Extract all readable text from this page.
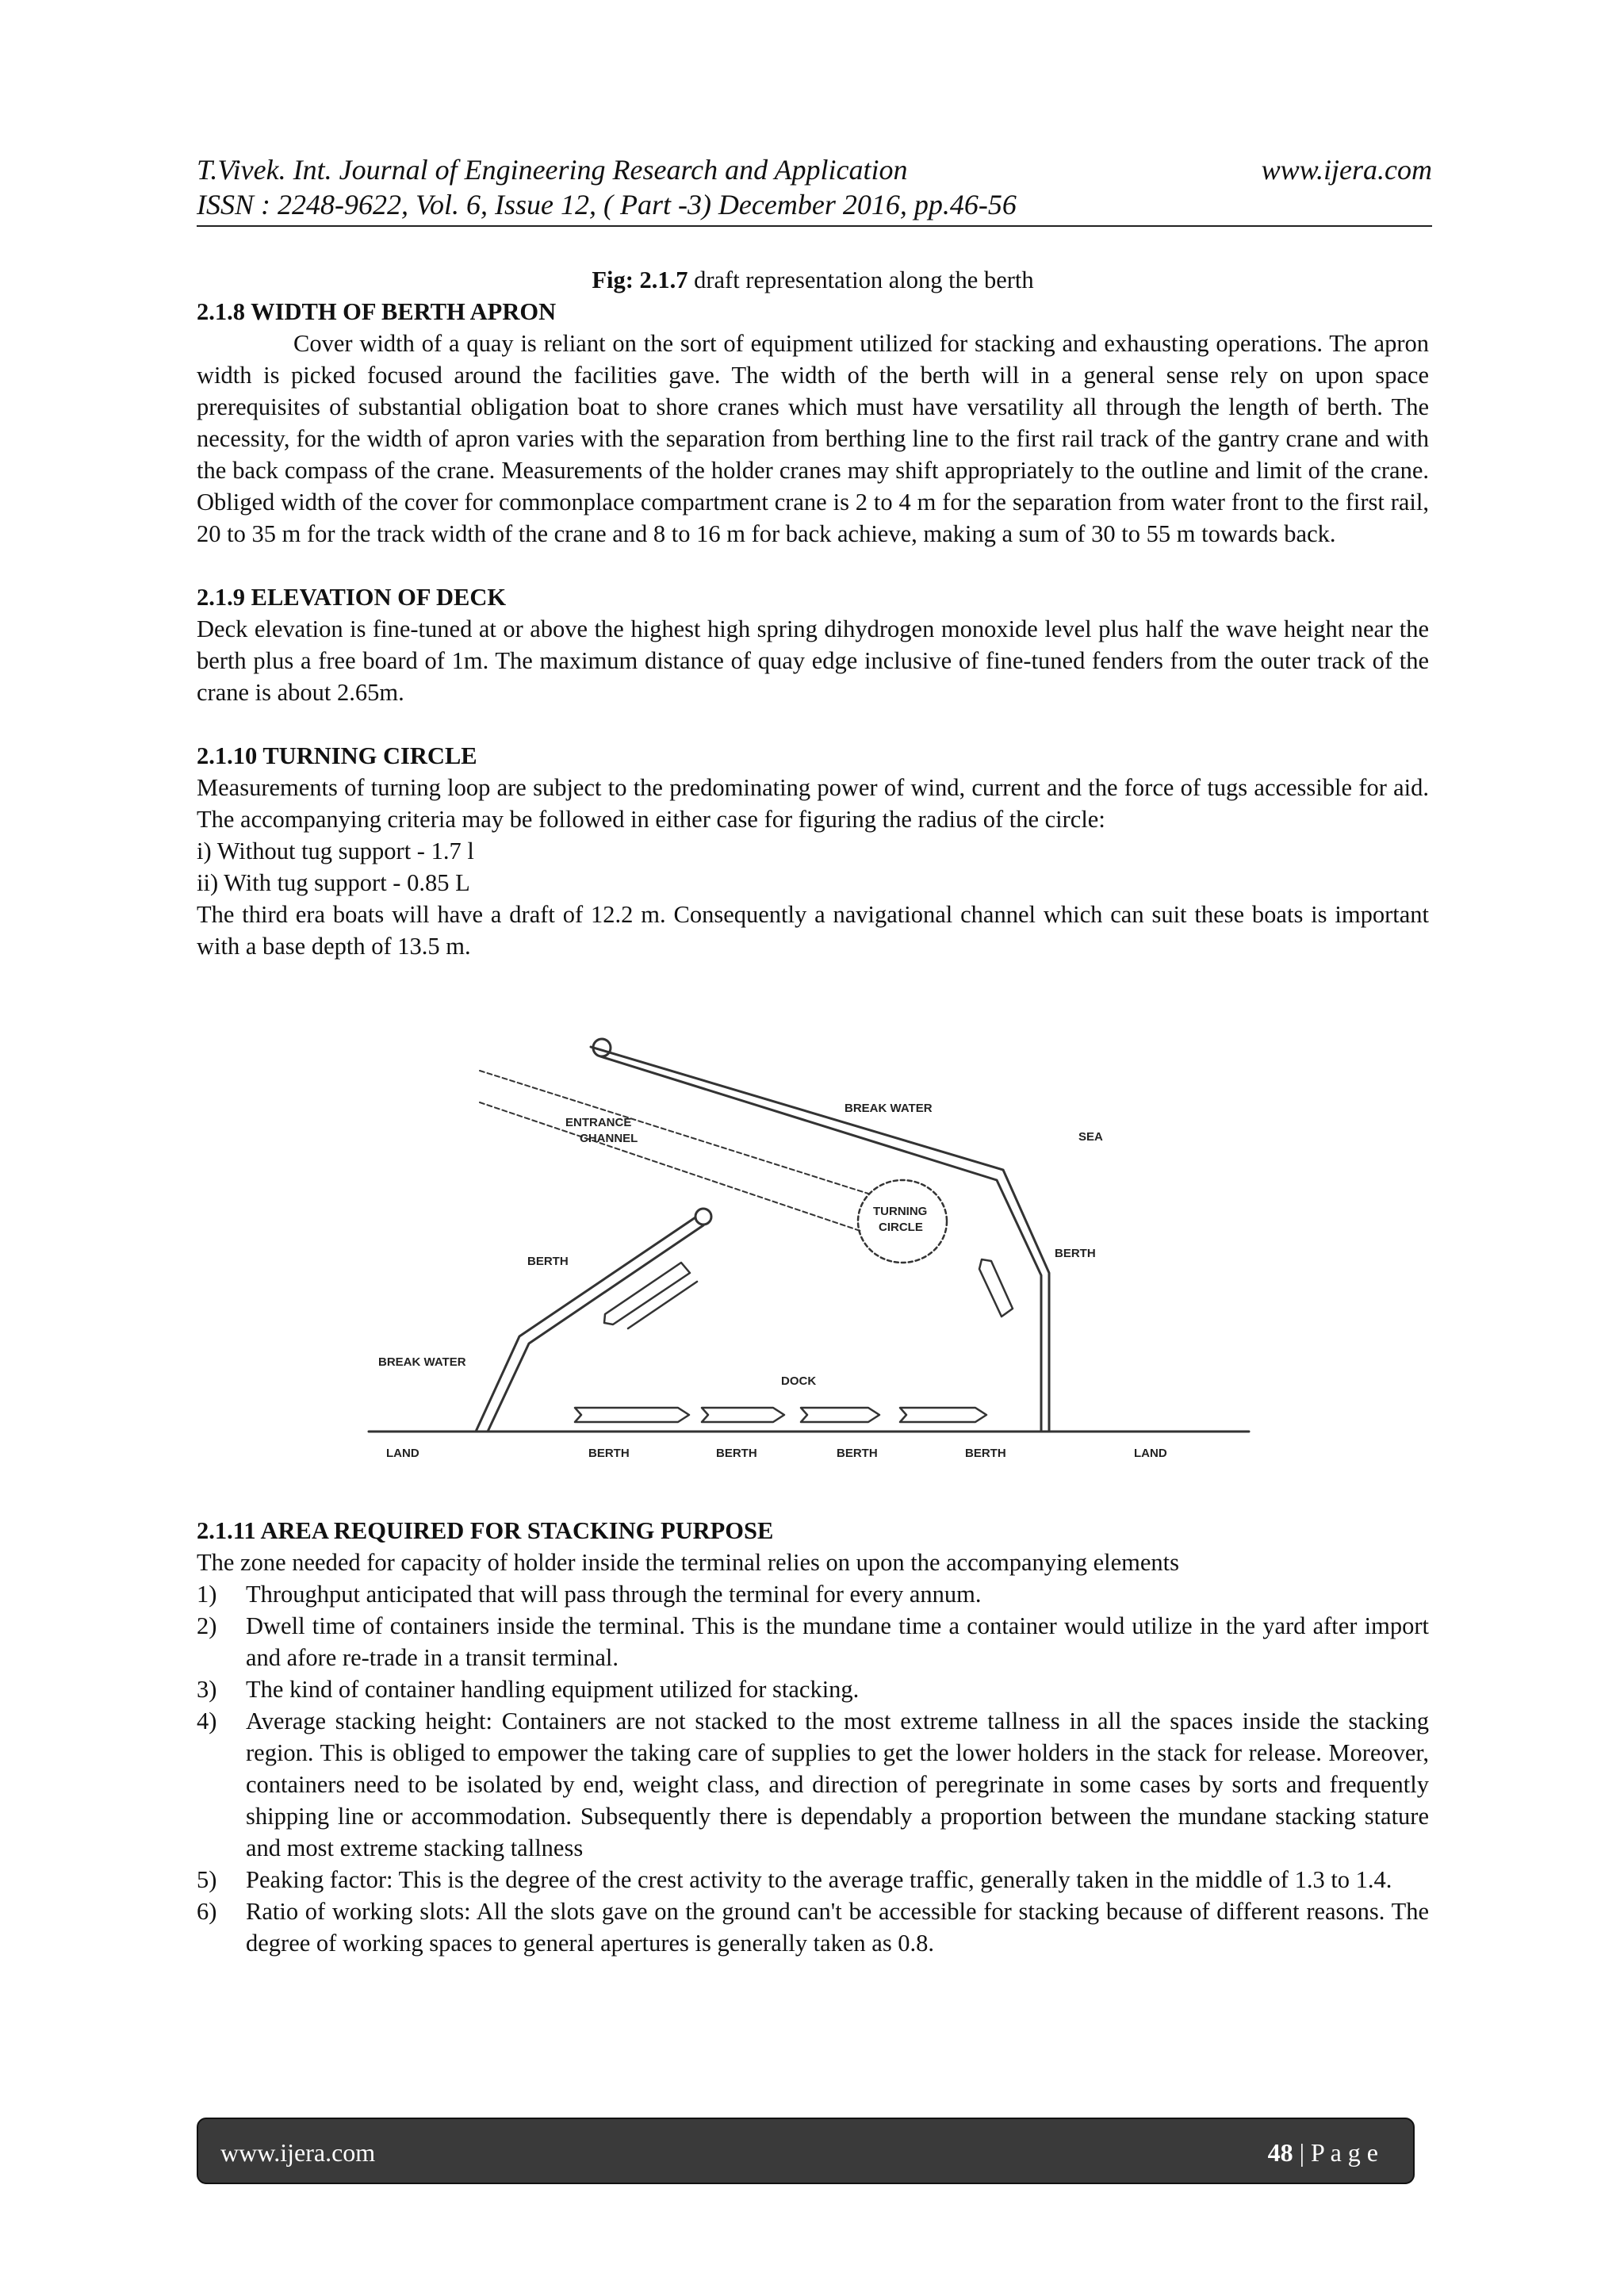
T.Vivek. Int. Journal of Engineering Research and Application	www.ijera.com
ISSN : 2248-9622, Vol. 6, Issue 12, ( Part -3) December 2016, pp.46-56

Fig: 2.1.7 draft representation along the berth

2.1.8 WIDTH OF BERTH APRON

Cover width of a quay is reliant on the sort of equipment utilized for stacking and exhausting operations. The apron width is picked focused around the facilities gave. The width of the berth will in a general sense rely on upon space prerequisites of substantial obligation boat to shore cranes which must have versatility all through the length of berth. The necessity, for the width of apron varies with the separation from berthing line to the first rail track of the gantry crane and with the back compass of the crane. Measurements of the holder cranes may shift appropriately to the outline and limit of the crane. Obliged width of the cover for commonplace compartment crane is 2 to 4 m for the separation from water front to the first rail, 20 to 35 m for the track width of the crane and 8 to 16 m for back achieve, making a sum of 30 to 55 m towards back.

2.1.9 ELEVATION OF DECK

Deck elevation is fine-tuned at or above the highest high spring dihydrogen monoxide level plus half the wave height near the berth plus a free board of 1m. The maximum distance of quay edge inclusive of fine-tuned fenders from the outer track of the crane is about 2.65m.

2.1.10 TURNING CIRCLE

Measurements of turning loop are subject to the predominating power of wind, current and the force of tugs accessible for aid. The accompanying criteria may be followed in either case for figuring the radius of the circle:

i) Without tug support - 1.7 l

ii) With tug support - 0.85 L

The third era boats will have a draft of 12.2 m. Consequently a navigational channel which can suit these boats is important with a base depth of 13.5 m.

BREAK WATER
ENTRANCE
CHANNEL	SEA
TURNING
CIRCLE
BERTH
BERTH
BREAK WATER
DOCK
LAND	LAND
BERTH	BERTH	BERTH	BERTH

2.1.11 AREA REQUIRED FOR STACKING PURPOSE

The zone needed for capacity of holder inside the terminal relies on upon the accompanying elements

1) Throughput anticipated that will pass through the terminal for every annum.
2) Dwell time of containers inside the terminal. This is the mundane time a container would utilize in the yard after import and afore re-trade in a transit terminal.
3) The kind of container handling equipment utilized for stacking.
4) Average stacking height: Containers are not stacked to the most extreme tallness in all the spaces inside the stacking region. This is obliged to empower the taking care of supplies to get the lower holders in the stack for release. Moreover, containers need to be isolated by end, weight class, and direction of peregrinate in some cases by sorts and frequently shipping line or accommodation. Subsequently there is dependably a proportion between the mundane stacking stature and most extreme stacking tallness
5) Peaking factor: This is the degree of the crest activity to the average traffic, generally taken in the middle of 1.3 to 1.4.
6) Ratio of working slots: All the slots gave on the ground can't be accessible for stacking because of different reasons. The degree of working spaces to general apertures is generally taken as 0.8.
www.ijera.com	48 | P a g e
